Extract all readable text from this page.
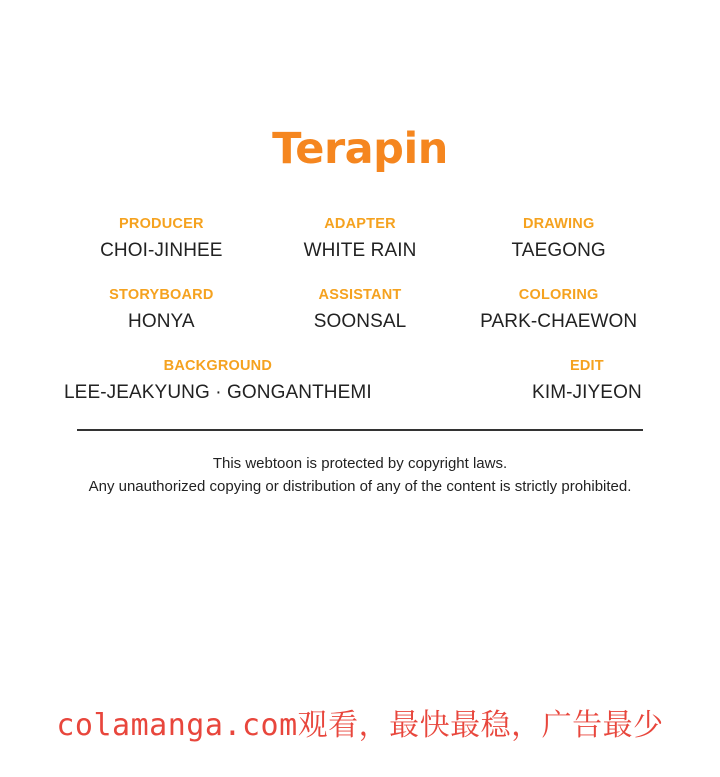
Terapin
PRODUCER
CHOI-JINHEE
ADAPTER
WHITE RAIN
DRAWING
TAEGONG
STORYBOARD
HONYA
ASSISTANT
SOONSAL
COLORING
PARK-CHAEWON
BACKGROUND
LEE-JEAKYUNG · GONGANTHEMI
EDIT
KIM-JIYEON
This webtoon is protected by copyright laws.
Any unauthorized copying or distribution of any of the content is strictly prohibited.
colamanga.com观看，最快最稳，广告最少
